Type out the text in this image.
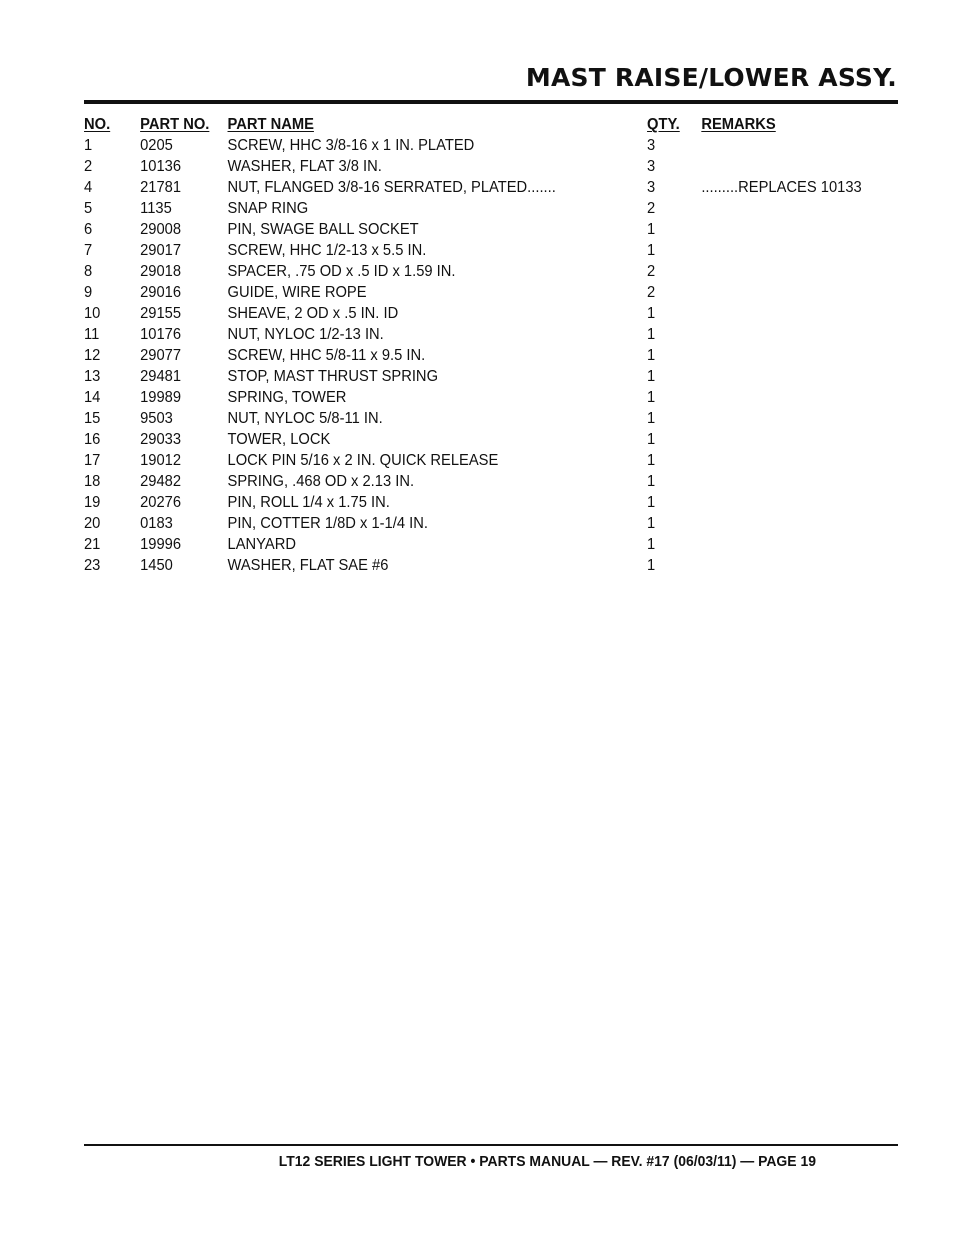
MAST RAISE/LOWER ASSY.
NO. PART NO. PART NAME	QTY. REMARKS
1	0205	SCREW, HHC 3/8-16 x 1 IN. PLATED	3
2	10136	WASHER, FLAT 3/8 IN.	3
4	21781	NUT, FLANGED 3/8-16 SERRATED, PLATED.......	3	.........REPLACES 10133
5	1135	SNAP RING	2
6	29008	PIN, SWAGE BALL SOCKET	1
7	29017	SCREW, HHC 1/2-13 x 5.5 IN.	1
8	29018	SPACER, .75 OD x .5 ID x 1.59 IN.	2
9	29016	GUIDE, WIRE ROPE	2
10 29155	SHEAVE, 2 OD x .5 IN. ID	1
11	10176	NUT, NYLOC 1/2-13 IN.	1
12 29077	SCREW, HHC 5/8-11 x 9.5 IN.	1
13 29481	STOP, MAST THRUST SPRING	1
14 19989	SPRING, TOWER	1
15 9503	NUT, NYLOC 5/8-11 IN.	1
16 29033	TOWER, LOCK	1
17 19012	LOCK PIN 5/16 x 2 IN. QUICK RELEASE	1
18 29482	SPRING, .468 OD x 2.13 IN.	1
19 20276	PIN, ROLL 1/4 x 1.75 IN.	1
20 0183	PIN, COTTER 1/8D x 1-1/4 IN.	1
21 19996	LANYARD	1
23 1450	WASHER, FLAT SAE #6	1
LT12 SERIES LIGHT TOWER • PARTS MANUAL — REV. #17 (06/03/11) — PAGE 19
